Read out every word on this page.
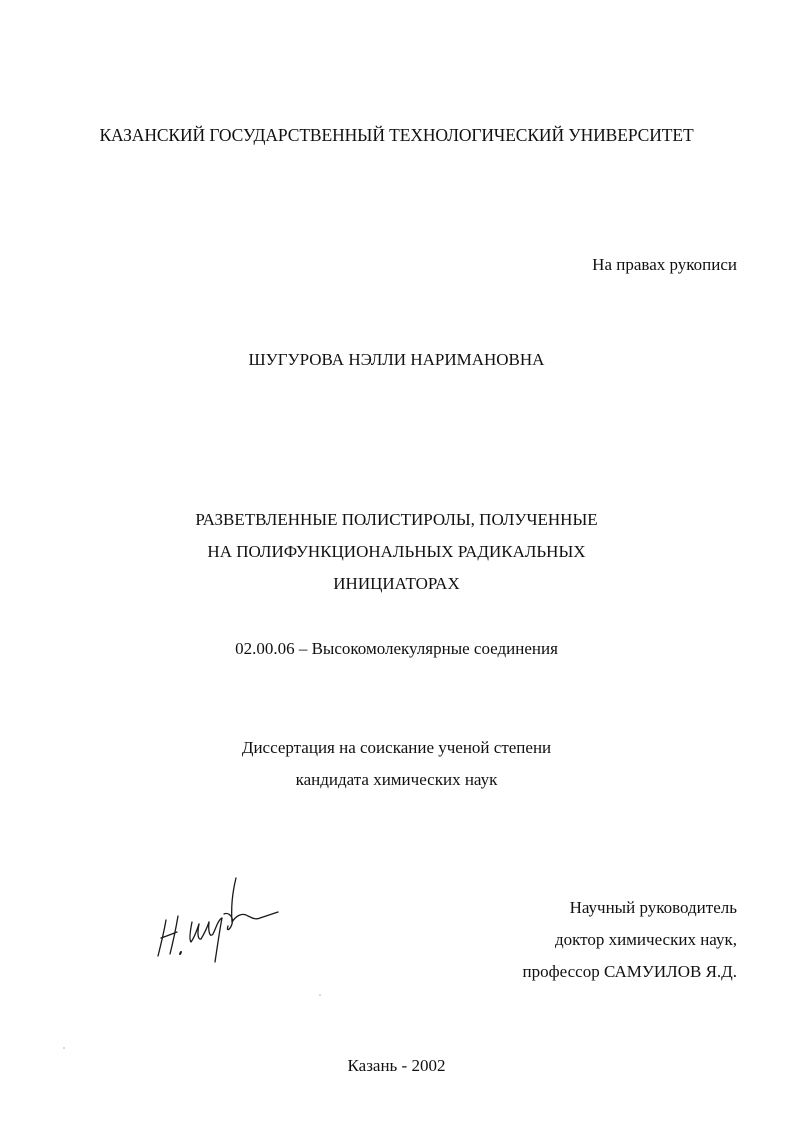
КАЗАНСКИЙ ГОСУДАРСТВЕННЫЙ ТЕХНОЛОГИЧЕСКИЙ УНИВЕРСИТЕТ
На правах рукописи
ШУГУРОВА НЭЛЛИ НАРИМАНОВНА
РАЗВЕТВЛЕННЫЕ ПОЛИСТИРОЛЫ, ПОЛУЧЕННЫЕ
НА ПОЛИФУНКЦИОНАЛЬНЫХ РАДИКАЛЬНЫХ
ИНИЦИАТОРАХ
02.00.06 – Высокомолекулярные соединения
Диссертация на соискание ученой степени
кандидата химических наук
Научный руководитель
доктор химических наук,
профессор САМУИЛОВ Я.Д.
Казань - 2002
